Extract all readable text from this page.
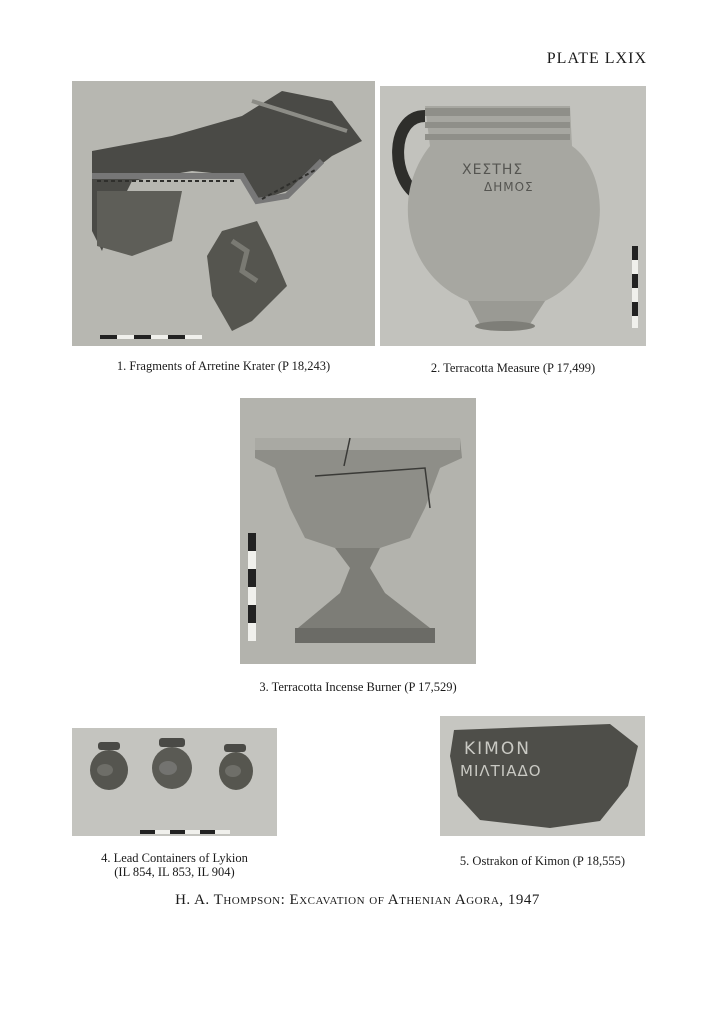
PLATE LXIX
1. Fragments of Arretine Krater (P 18,243)
ΧΕΣΤΗΣ
ΔΗΜΟΣ
2. Terracotta Measure (P 17,499)
3. Terracotta Incense Burner (P 17,529)
4. Lead Containers of Lykion
(IL 854, IL 853, IL 904)
ΚΙΜΟΝ
ΜΙΛΤΙΑΔΟ
5. Ostrakon of Kimon (P 18,555)
H. A. Thompson: Excavation of Athenian Agora, 1947
